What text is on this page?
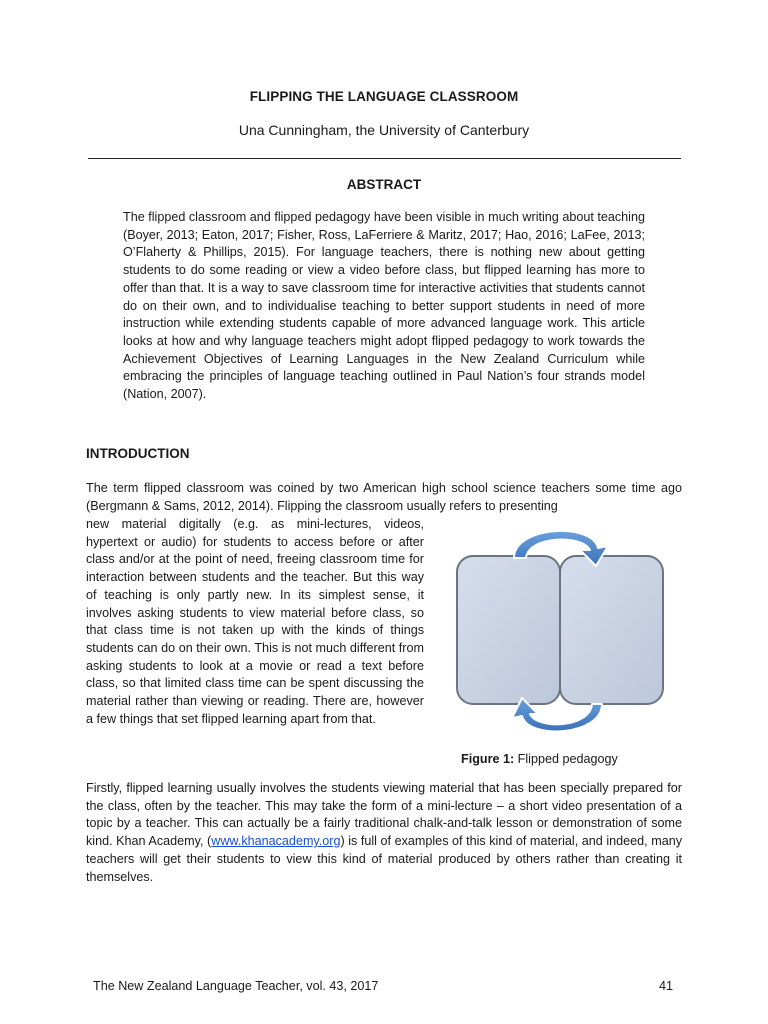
FLIPPING THE LANGUAGE CLASSROOM
Una Cunningham, the University of Canterbury
ABSTRACT
The flipped classroom and flipped pedagogy have been visible in much writing about teaching (Boyer, 2013; Eaton, 2017; Fisher, Ross, LaFerriere & Maritz, 2017; Hao, 2016; LaFee, 2013; O’Flaherty & Phillips, 2015). For language teachers, there is nothing new about getting students to do some reading or view a video before class, but flipped learning has more to offer than that. It is a way to save classroom time for interactive activities that students cannot do on their own, and to individualise teaching to better support students in need of more instruction while extending students capable of more advanced language work. This article looks at how and why language teachers might adopt flipped pedagogy to work towards the Achievement Objectives of Learning Languages in the New Zealand Curriculum while embracing the principles of language teaching outlined in Paul Nation’s four strands model (Nation, 2007).
INTRODUCTION
The term flipped classroom was coined by two American high school science teachers some time ago (Bergmann & Sams, 2012, 2014). Flipping the classroom usually refers to presenting
new material digitally (e.g. as mini-lectures, videos, hypertext or audio) for students to access before or after class and/or at the point of need, freeing classroom time for interaction between students and the teacher. But this way of teaching is only partly new. In its simplest sense, it involves asking students to view material before class, so that class time is not taken up with the kinds of things students can do on their own. This is not much different from asking students to look at a movie or read a text before class, so that limited class time can be spent discussing the material rather than viewing or reading. There are, however a few things that set flipped learning apart from that.
Figure 1: Flipped pedagogy
Firstly, flipped learning usually involves the students viewing material that has been specially prepared for the class, often by the teacher. This may take the form of a mini-lecture – a short video presentation of a topic by a teacher. This can actually be a fairly traditional chalk-and-talk lesson or demonstration of some kind. Khan Academy, (www.khanacademy.org) is full of examples of this kind of material, and indeed, many teachers will get their students to view this kind of material produced by others rather than creating it themselves.
The New Zealand Language Teacher, vol. 43, 2017	41
